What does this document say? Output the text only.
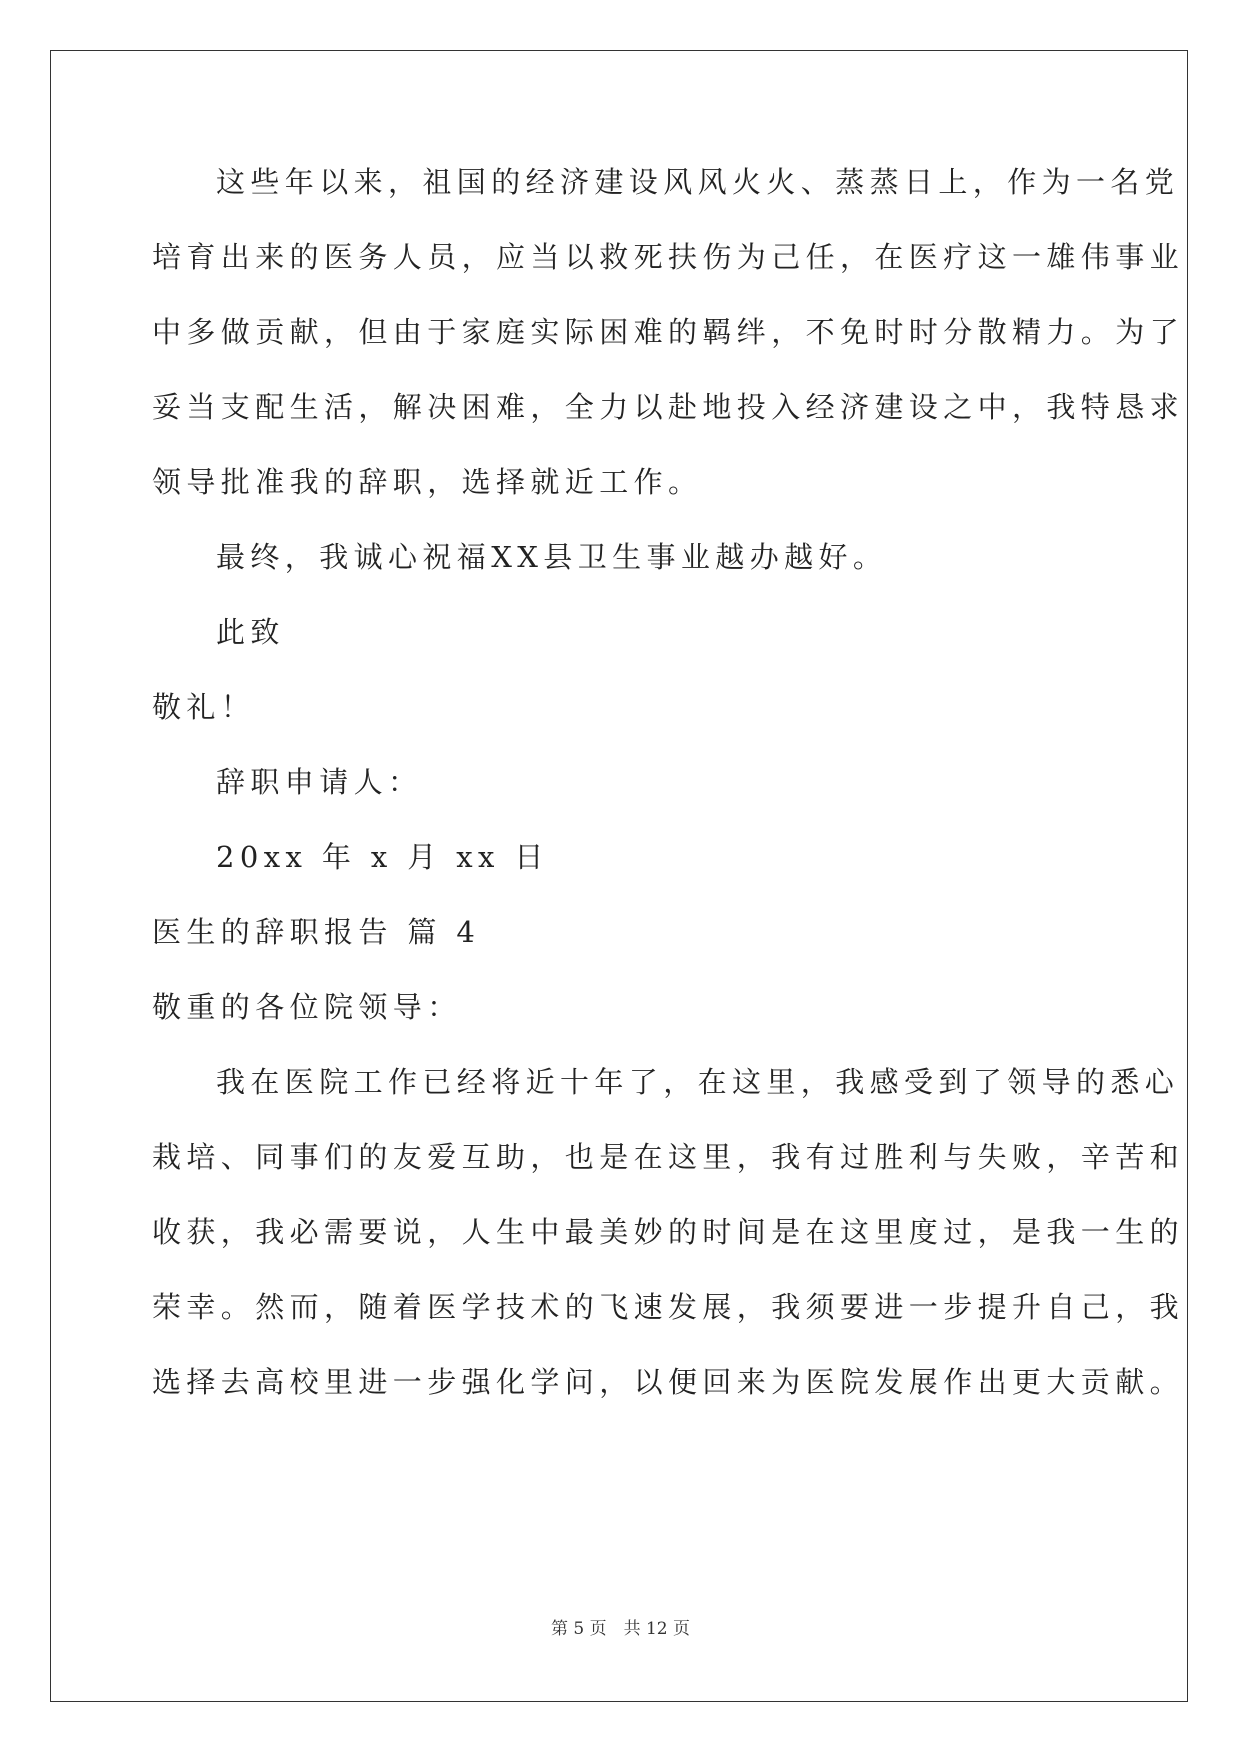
这些年以来，祖国的经济建设风风火火、蒸蒸日上，作为一名党
培育出来的医务人员，应当以救死扶伤为己任，在医疗这一雄伟事业
中多做贡献，但由于家庭实际困难的羁绊，不免时时分散精力。为了
妥当支配生活，解决困难，全力以赴地投入经济建设之中，我特恳求
领导批准我的辞职，选择就近工作。
最终，我诚心祝福XX县卫生事业越办越好。
此致
敬礼！
辞职申请人：
20xx 年 x 月 xx 日
医生的辞职报告 篇 4
敬重的各位院领导：
我在医院工作已经将近十年了，在这里，我感受到了领导的悉心
栽培、同事们的友爱互助，也是在这里，我有过胜利与失败，辛苦和
收获，我必需要说，人生中最美妙的时间是在这里度过，是我一生的
荣幸。然而，随着医学技术的飞速发展，我须要进一步提升自己，我
选择去高校里进一步强化学问，以便回来为医院发展作出更大贡献。
第 5 页　共 12 页
